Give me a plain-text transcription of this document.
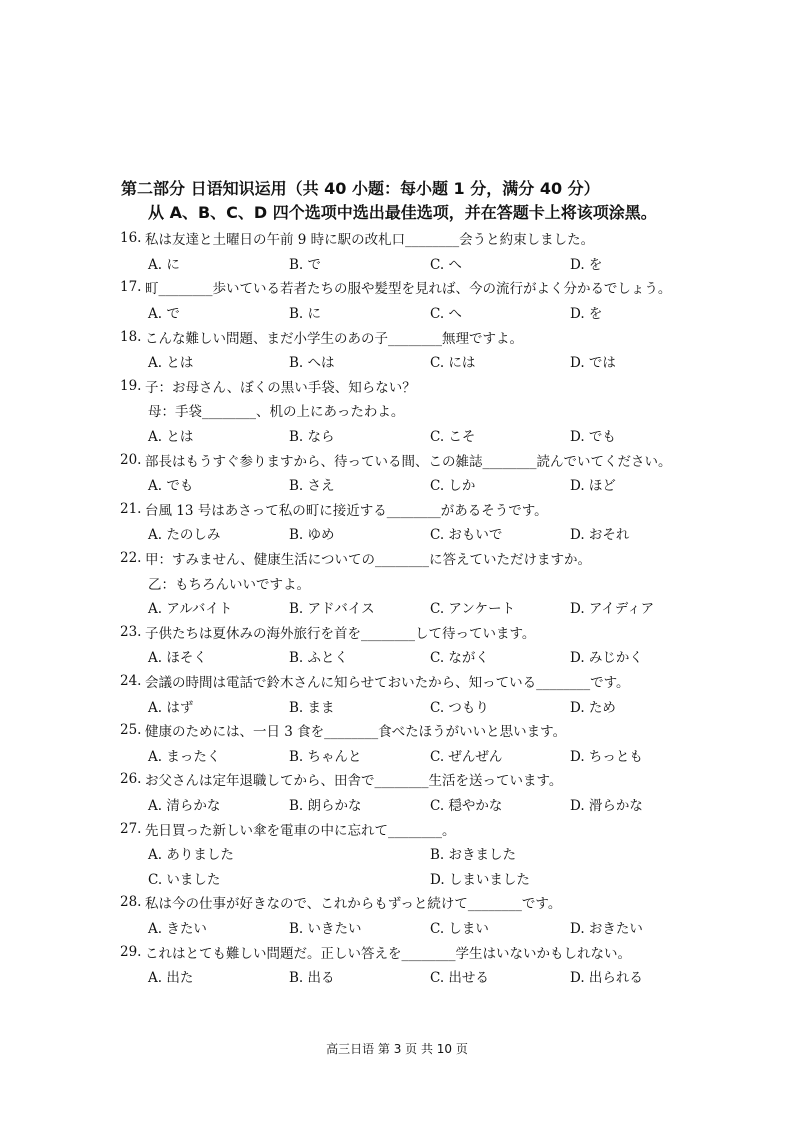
第二部分 日语知识运用（共 40 小题：每小题 1 分，满分 40 分）
从 A、B、C、D 四个选项中选出最佳选项，并在答题卡上将该项涂黑。
16. 私は友達と土曜日の午前 9 時に駅の改札口________会うと約束しました。
A. に	B. で	C. へ	D. を
17. 町________歩いている若者たちの服や髪型を見れば、今の流行がよく分かるでしょう。
A. で	B. に	C. へ	D. を
18. こんな難しい問題、まだ小学生のあの子________無理ですよ。
A. とは	B. へは	C. には	D. では
19. 子：お母さん、ぼくの黒い手袋、知らない？
母：手袋________、机の上にあったわよ。
A. とは	B. なら	C. こそ	D. でも
20. 部長はもうすぐ参りますから、待っている間、この雑誌________読んでいてください。
A. でも	B. さえ	C. しか	D. ほど
21. 台風 13 号はあさって私の町に接近する________があるそうです。
A. たのしみ	B. ゆめ	C. おもいで	D. おそれ
22. 甲：すみません、健康生活についての________に答えていただけますか。
乙：もちろんいいですよ。
A. アルバイト	B. アドバイス	C. アンケート	D. アイディア
23. 子供たちは夏休みの海外旅行を首を________して待っています。
A. ほそく	B. ふとく	C. ながく	D. みじかく
24. 会議の時間は電話で鈴木さんに知らせておいたから、知っている________です。
A. はず	B. まま	C. つもり	D. ため
25. 健康のためには、一日 3 食を________食べたほうがいいと思います。
A. まったく	B. ちゃんと	C. ぜんぜん	D. ちっとも
26. お父さんは定年退職してから、田舎で________生活を送っています。
A. 清らかな	B. 朗らかな	C. 穏やかな	D. 滑らかな
27. 先日買った新しい傘を電車の中に忘れて________。
A. ありました	B. おきました
C. いました	D. しまいました
28. 私は今の仕事が好きなので、これからもずっと続けて________です。
A. きたい	B. いきたい	C. しまい	D. おきたい
29. これはとても難しい問題だ。正しい答えを________学生はいないかもしれない。
A. 出た	B. 出る	C. 出せる	D. 出られる
高三日语 第 3 页 共 10 页
